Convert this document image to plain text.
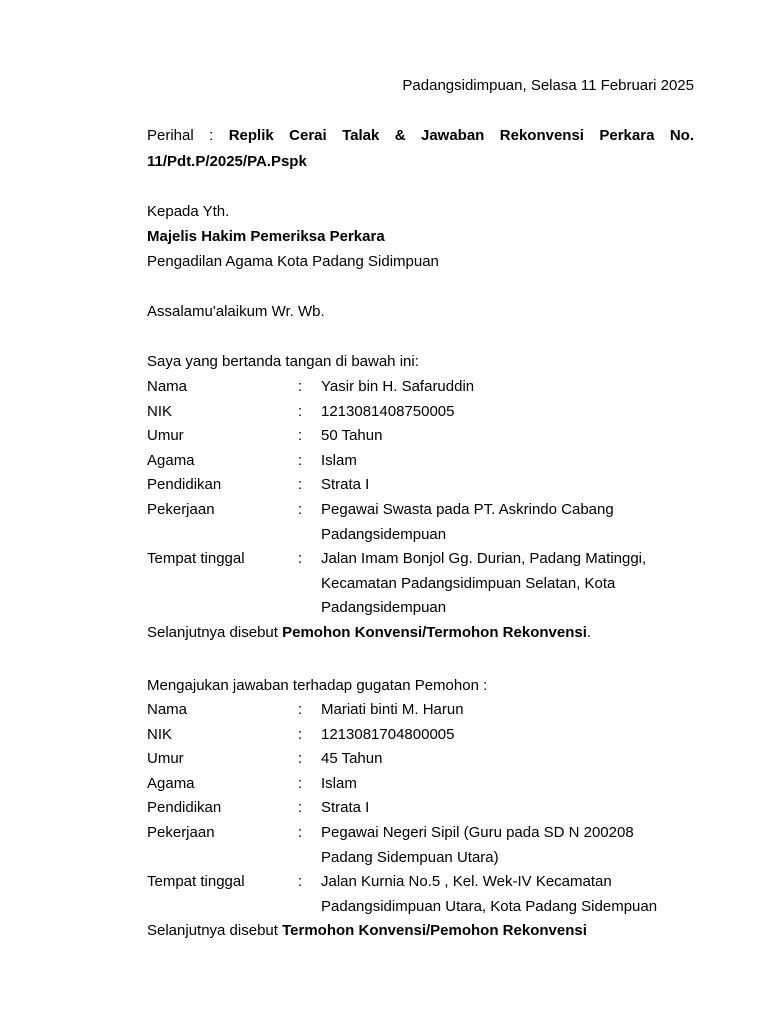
Padangsidimpuan, Selasa 11 Februari 2025
Perihal : Replik Cerai Talak & Jawaban Rekonvensi Perkara No.
11/Pdt.P/2025/PA.Pspk
Kepada Yth.
Majelis Hakim Pemeriksa Perkara
Pengadilan Agama Kota Padang Sidimpuan
Assalamu'alaikum Wr. Wb.
Saya yang bertanda tangan di bawah ini:
Nama	: Yasir bin H. Safaruddin
NIK	: 1213081408750005
Umur	: 50 Tahun
Agama	: Islam
Pendidikan	: Strata I
Pekerjaan	: Pegawai Swasta pada PT. Askrindo Cabang
Padangsidempuan
Tempat tinggal	: Jalan Imam Bonjol Gg. Durian, Padang Matinggi,
Kecamatan Padangsidimpuan Selatan, Kota
Padangsidempuan
Selanjutnya disebut Pemohon Konvensi/Termohon Rekonvensi.
Mengajukan jawaban terhadap gugatan Pemohon :
Nama	: Mariati binti M. Harun
NIK	: 1213081704800005
Umur	: 45 Tahun
Agama	: Islam
Pendidikan	: Strata I
Pekerjaan	: Pegawai Negeri Sipil (Guru pada SD N 200208
Padang Sidempuan Utara)
Tempat tinggal	: Jalan Kurnia No.5 , Kel. Wek-IV Kecamatan
Padangsidimpuan Utara, Kota Padang Sidempuan
Selanjutnya disebut Termohon Konvensi/Pemohon Rekonvensi
